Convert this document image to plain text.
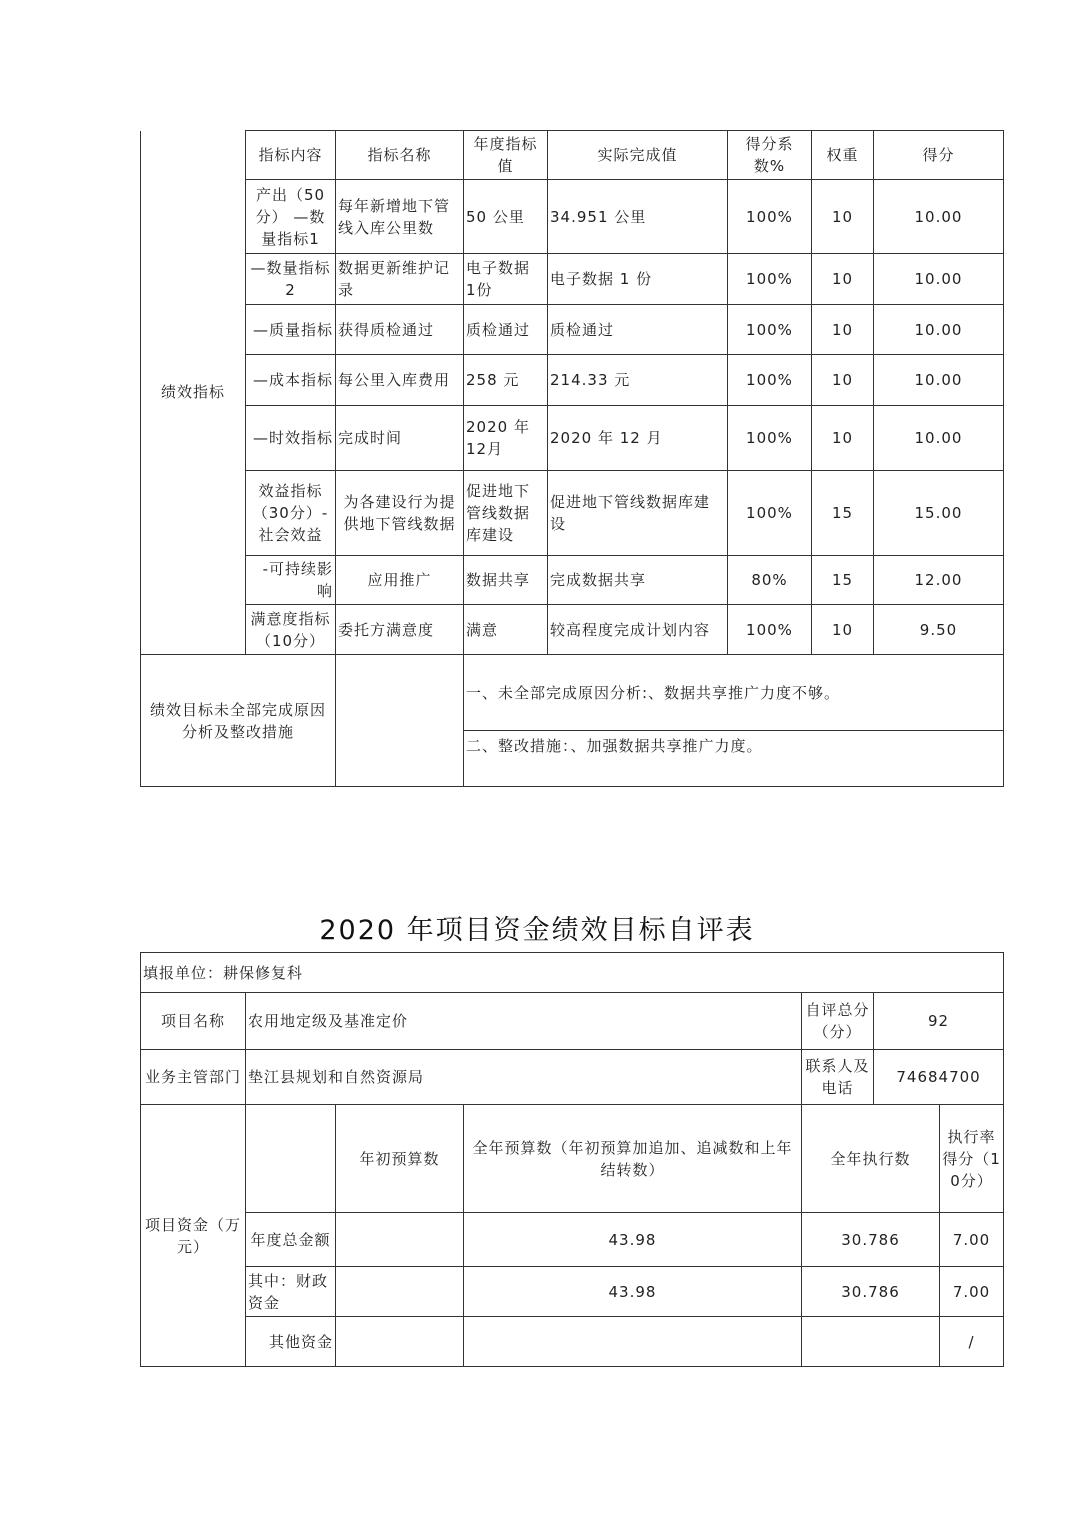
绩效指标	指标内容	指标名称	年度指标值	实际完成值	得分系数%	权重	得分
	产出（50分） —数量指标1	每年新增地下管线入库公里数	50 公里	34.951 公里	100%	10	10.00
	—数量指标2	数据更新维护记录	电子数据 1份	电子数据 1 份	100%	10	10.00
	—质量指标	获得质检通过	质检通过	质检通过	100%	10	10.00
	—成本指标	每公里入库费用	258 元	214.33 元	100%	10	10.00
	—时效指标	完成时间	2020 年 12月	2020 年 12 月	100%	10	10.00
	效益指标（30分）-社会效益	为各建设行为提供地下管线数据	促进地下管线数据库建设	促进地下管线数据库建设	100%	15	15.00
	-可持续影响	应用推广	数据共享	完成数据共享	80%	15	12.00
	满意度指标（10分）	委托方满意度	满意	较高程度完成计划内容	100%	10	9.50
绩效目标未全部完成原因分析及整改措施			一、未全部完成原因分析:、数据共享推广力度不够。				
			二、整改措施：、加强数据共享推广力度。				
2020 年项目资金绩效目标自评表
填报单位：耕保修复科						
项目名称	农用地定级及基准定价			自评总分（分）	92	
业务主管部门	垫江县规划和自然资源局			联系人及电话	74684700	
项目资金（万元）		年初预算数	全年预算数（年初预算加追加、追减数和上年结转数）	全年执行数		执行率得分（10分）
	年度总金额		43.98	30.786		7.00
	其中：财政资金		43.98	30.786		7.00
	其他资金					/
